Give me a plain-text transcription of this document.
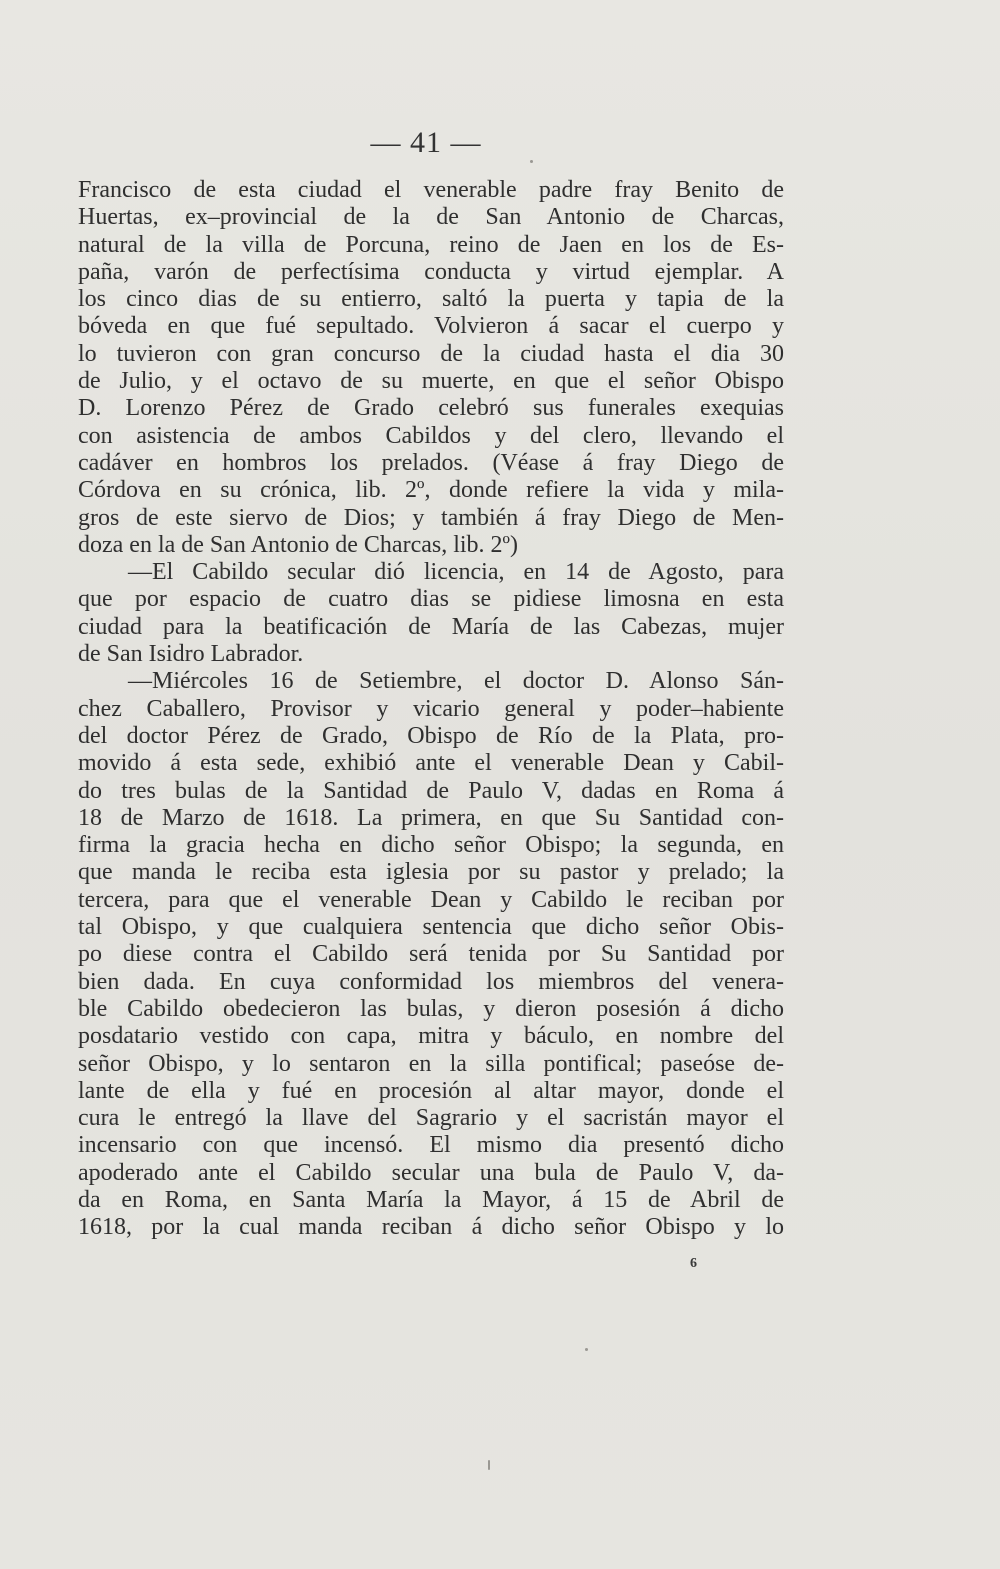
— 41 —
Francisco de esta ciudad el venerable padre fray Benito de
Huertas, ex–provincial de la de San Antonio de Charcas,
natural de la villa de Porcuna, reino de Jaen en los de Es-
paña, varón de perfectísima conducta y virtud ejemplar. A
los cinco dias de su entierro, saltó la puerta y tapia de la
bóveda en que fué sepultado. Volvieron á sacar el cuerpo y
lo tuvieron con gran concurso de la ciudad hasta el dia 30
de Julio, y el octavo de su muerte, en que el señor Obispo
D. Lorenzo Pérez de Grado celebró sus funerales exequias
con asistencia de ambos Cabildos y del clero, llevando el
cadáver en hombros los prelados. (Véase á fray Diego de
Córdova en su crónica, lib. 2º, donde refiere la vida y mila-
gros de este siervo de Dios; y también á fray Diego de Men-
doza en la de San Antonio de Charcas, lib. 2º)
—El Cabildo secular dió licencia, en 14 de Agosto, para
que por espacio de cuatro dias se pidiese limosna en esta
ciudad para la beatificación de María de las Cabezas, mujer
de San Isidro Labrador.
—Miércoles 16 de Setiembre, el doctor D. Alonso Sán-
chez Caballero, Provisor y vicario general y poder–habiente
del doctor Pérez de Grado, Obispo de Río de la Plata, pro-
movido á esta sede, exhibió ante el venerable Dean y Cabil-
do tres bulas de la Santidad de Paulo V, dadas en Roma á
18 de Marzo de 1618. La primera, en que Su Santidad con-
firma la gracia hecha en dicho señor Obispo; la segunda, en
que manda le reciba esta iglesia por su pastor y prelado; la
tercera, para que el venerable Dean y Cabildo le reciban por
tal Obispo, y que cualquiera sentencia que dicho señor Obis-
po diese contra el Cabildo será tenida por Su Santidad por
bien dada. En cuya conformidad los miembros del venera-
ble Cabildo obedecieron las bulas, y dieron posesión á dicho
posdatario vestido con capa, mitra y báculo, en nombre del
señor Obispo, y lo sentaron en la silla pontifical; paseóse de-
lante de ella y fué en procesión al altar mayor, donde el
cura le entregó la llave del Sagrario y el sacristán mayor el
incensario con que incensó. El mismo dia presentó dicho
apoderado ante el Cabildo secular una bula de Paulo V, da-
da en Roma, en Santa María la Mayor, á 15 de Abril de
1618, por la cual manda reciban á dicho señor Obispo y lo
6
